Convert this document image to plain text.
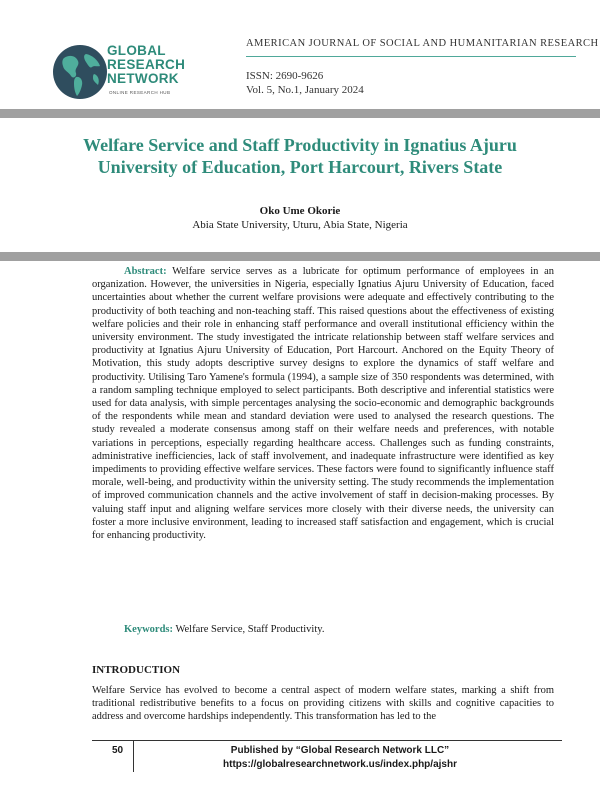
GLOBAL
RESEARCH
NETWORK
ONLINE RESEARCH HUB
AMERICAN JOURNAL OF SOCIAL AND HUMANITARIAN RESEARCH
ISSN: 2690-9626
Vol. 5, No.1, January 2024
Welfare Service and Staff Productivity in Ignatius Ajuru University of Education, Port Harcourt, Rivers State
Oko Ume Okorie
Abia State University, Uturu, Abia State, Nigeria

Abstract: Welfare service serves as a lubricate for optimum performance of employees in an organization. However, the universities in Nigeria, especially Ignatius Ajuru University of Education, faced uncertainties about whether the current welfare provisions were adequate and effectively contributing to the productivity of both teaching and non-teaching staff. This raised questions about the effectiveness of existing welfare policies and their role in enhancing staff performance and overall institutional efficiency within the university environment. The study investigated the intricate relationship between staff welfare services and productivity at Ignatius Ajuru University of Education, Port Harcourt. Anchored on the Equity Theory of Motivation, this study adopts descriptive survey designs to explore the dynamics of staff welfare and productivity. Utilising Taro Yamene's formula (1994), a sample size of 350 respondents was determined, with a random sampling technique employed to select participants. Both descriptive and inferential statistics were used for data analysis, with simple percentages analysing the socio-economic and demographic backgrounds of the respondents while mean and standard deviation were used to analysed the research questions. The study revealed a moderate consensus among staff on their welfare needs and preferences, with notable variations in perceptions, especially regarding healthcare access. Challenges such as funding constraints, administrative inefficiencies, lack of staff involvement, and inadequate infrastructure were identified as key impediments to providing effective welfare services. These factors were found to significantly influence staff morale, well-being, and productivity within the university setting. The study recommends the implementation of improved communication channels and the active involvement of staff in decision-making processes. By valuing staff input and aligning welfare services more closely with their diverse needs, the university can foster a more inclusive environment, leading to increased staff satisfaction and engagement, which is crucial for enhancing productivity.

Keywords: Welfare Service, Staff Productivity.
INTRODUCTION

Welfare Service has evolved to become a central aspect of modern welfare states, marking a shift from traditional redistributive benefits to a focus on providing citizens with skills and cognitive capacities to address and overcome hardships independently. This transformation has led to the

50	Published by “Global Research Network LLC”
https://globalresearchnetwork.us/index.php/ajshr
